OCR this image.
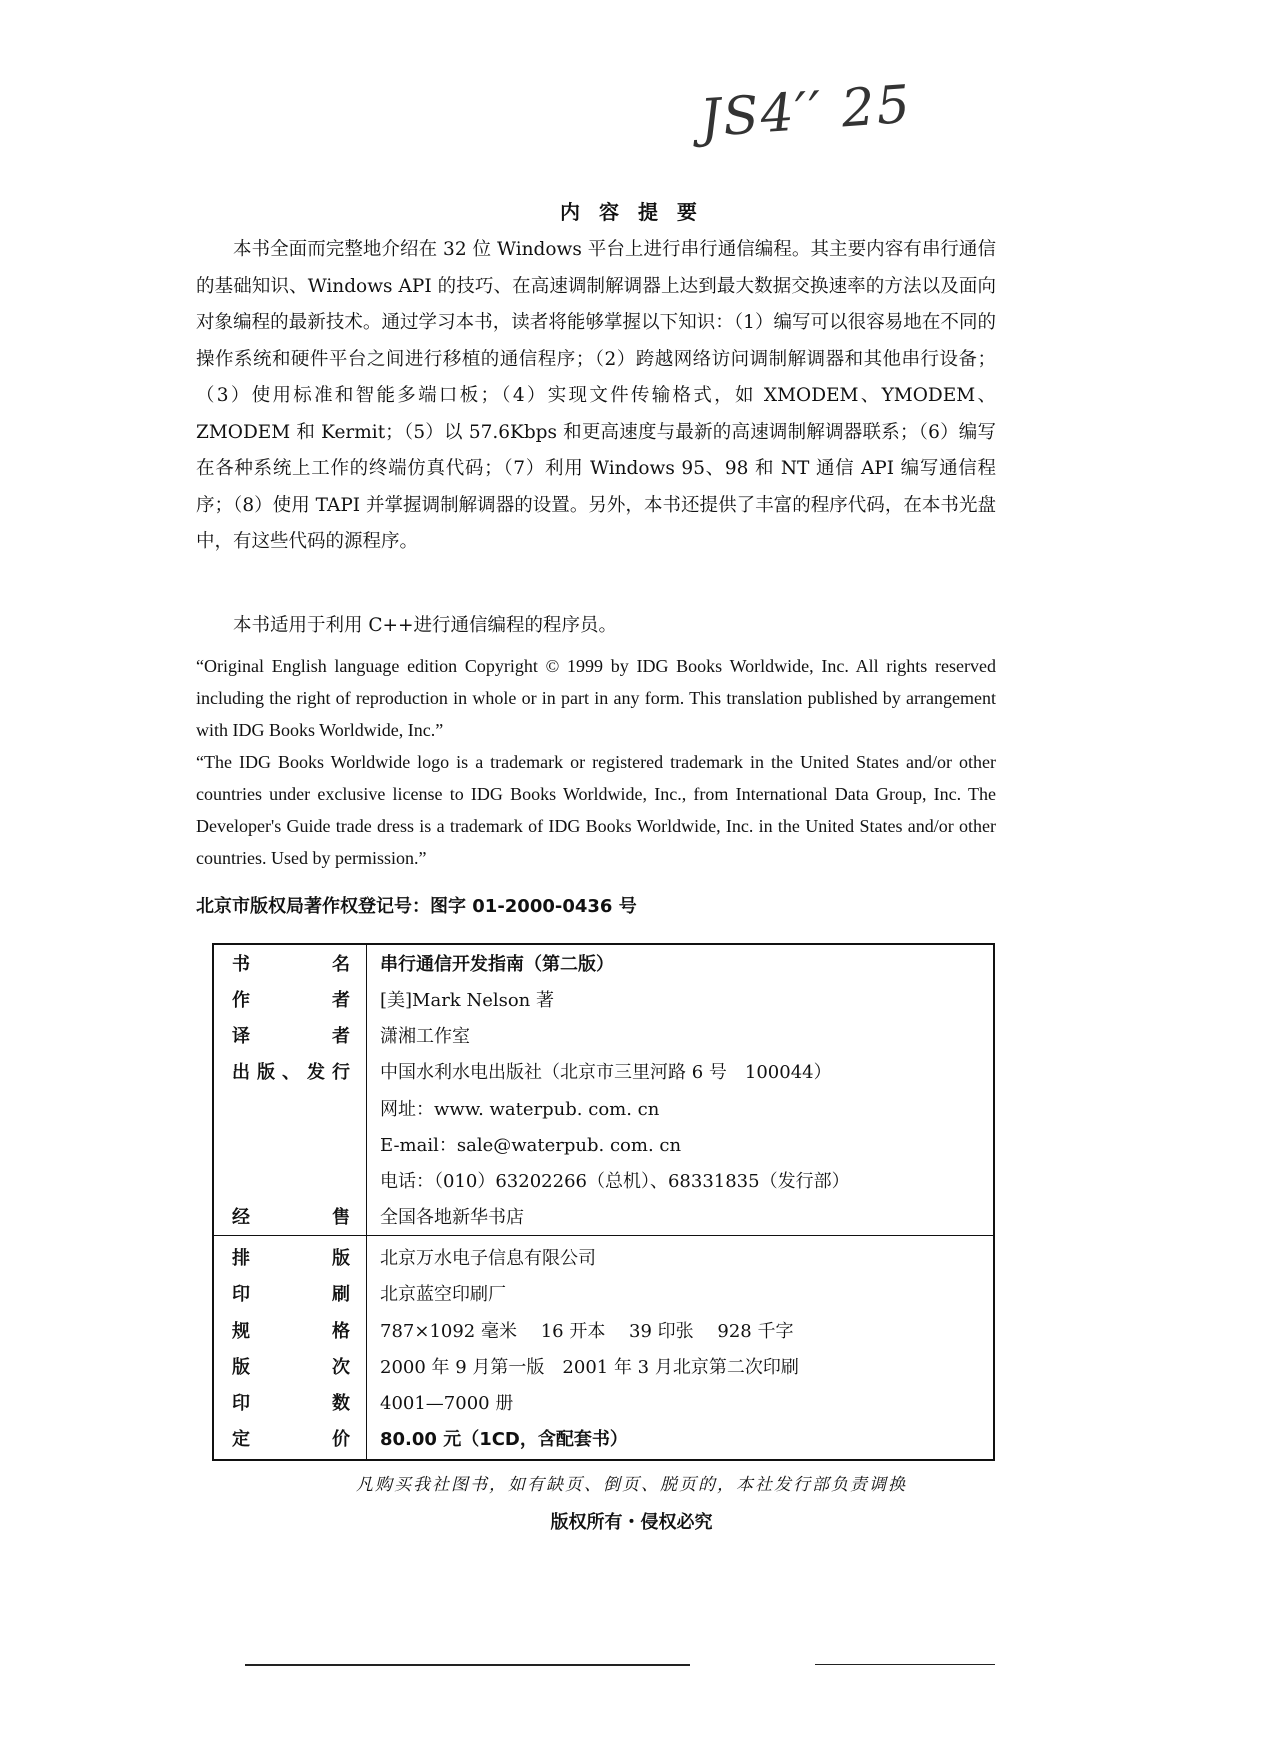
JS4′′ 25
内 容 提 要

本书全面而完整地介绍在 32 位 Windows 平台上进行串行通信编程。其主要内容有串行通信的基础知识、Windows API 的技巧、在高速调制解调器上达到最大数据交换速率的方法以及面向对象编程的最新技术。通过学习本书，读者将能够掌握以下知识：（1）编写可以很容易地在不同的操作系统和硬件平台之间进行移植的通信程序；（2）跨越网络访问调制解调器和其他串行设备；（3）使用标准和智能多端口板；（4）实现文件传输格式，如 XMODEM、YMODEM、ZMODEM 和 Kermit；（5）以 57.6Kbps 和更高速度与最新的高速调制解调器联系；（6）编写在各种系统上工作的终端仿真代码；（7）利用 Windows 95、98 和 NT 通信 API 编写通信程序；（8）使用 TAPI 并掌握调制解调器的设置。另外，本书还提供了丰富的程序代码，在本书光盘中，有这些代码的源程序。

本书适用于利用 C++进行通信编程的程序员。

“Original English language edition Copyright © 1999 by IDG Books Worldwide, Inc. All rights reserved including the right of reproduction in whole or in part in any form. This translation published by arrangement with IDG Books Worldwide, Inc.”

“The IDG Books Worldwide logo is a trademark or registered trademark in the United States and/or other countries under exclusive license to IDG Books Worldwide, Inc., from International Data Group, Inc. The Developer's Guide trade dress is a trademark of IDG Books Worldwide, Inc. in the United States and/or other countries. Used by permission.”

北京市版权局著作权登记号：图字 01-2000-0436 号
书	名 串行通信开发指南（第二版）
作	者 [美]Mark Nelson 著
译	者 潇湘工作室
出 版 、 发 行 中国水利水电出版社（北京市三里河路 6 号　100044）
网址：www. waterpub. com. cn
E-mail：sale@waterpub. com. cn
电话：（010）63202266（总机）、68331835（发行部）
经	售 全国各地新华书店
排	版 北京万水电子信息有限公司
印	刷 北京蓝空印刷厂
规	格 787×1092 毫米　 16 开本　 39 印张　 928 千字
版	次 2000 年 9 月第一版　2001 年 3 月北京第二次印刷
印	数 4001—7000 册
定	价 80.00 元（1CD，含配套书）
凡购买我社图书，如有缺页、倒页、脱页的，本社发行部负责调换
版权所有・侵权必究
